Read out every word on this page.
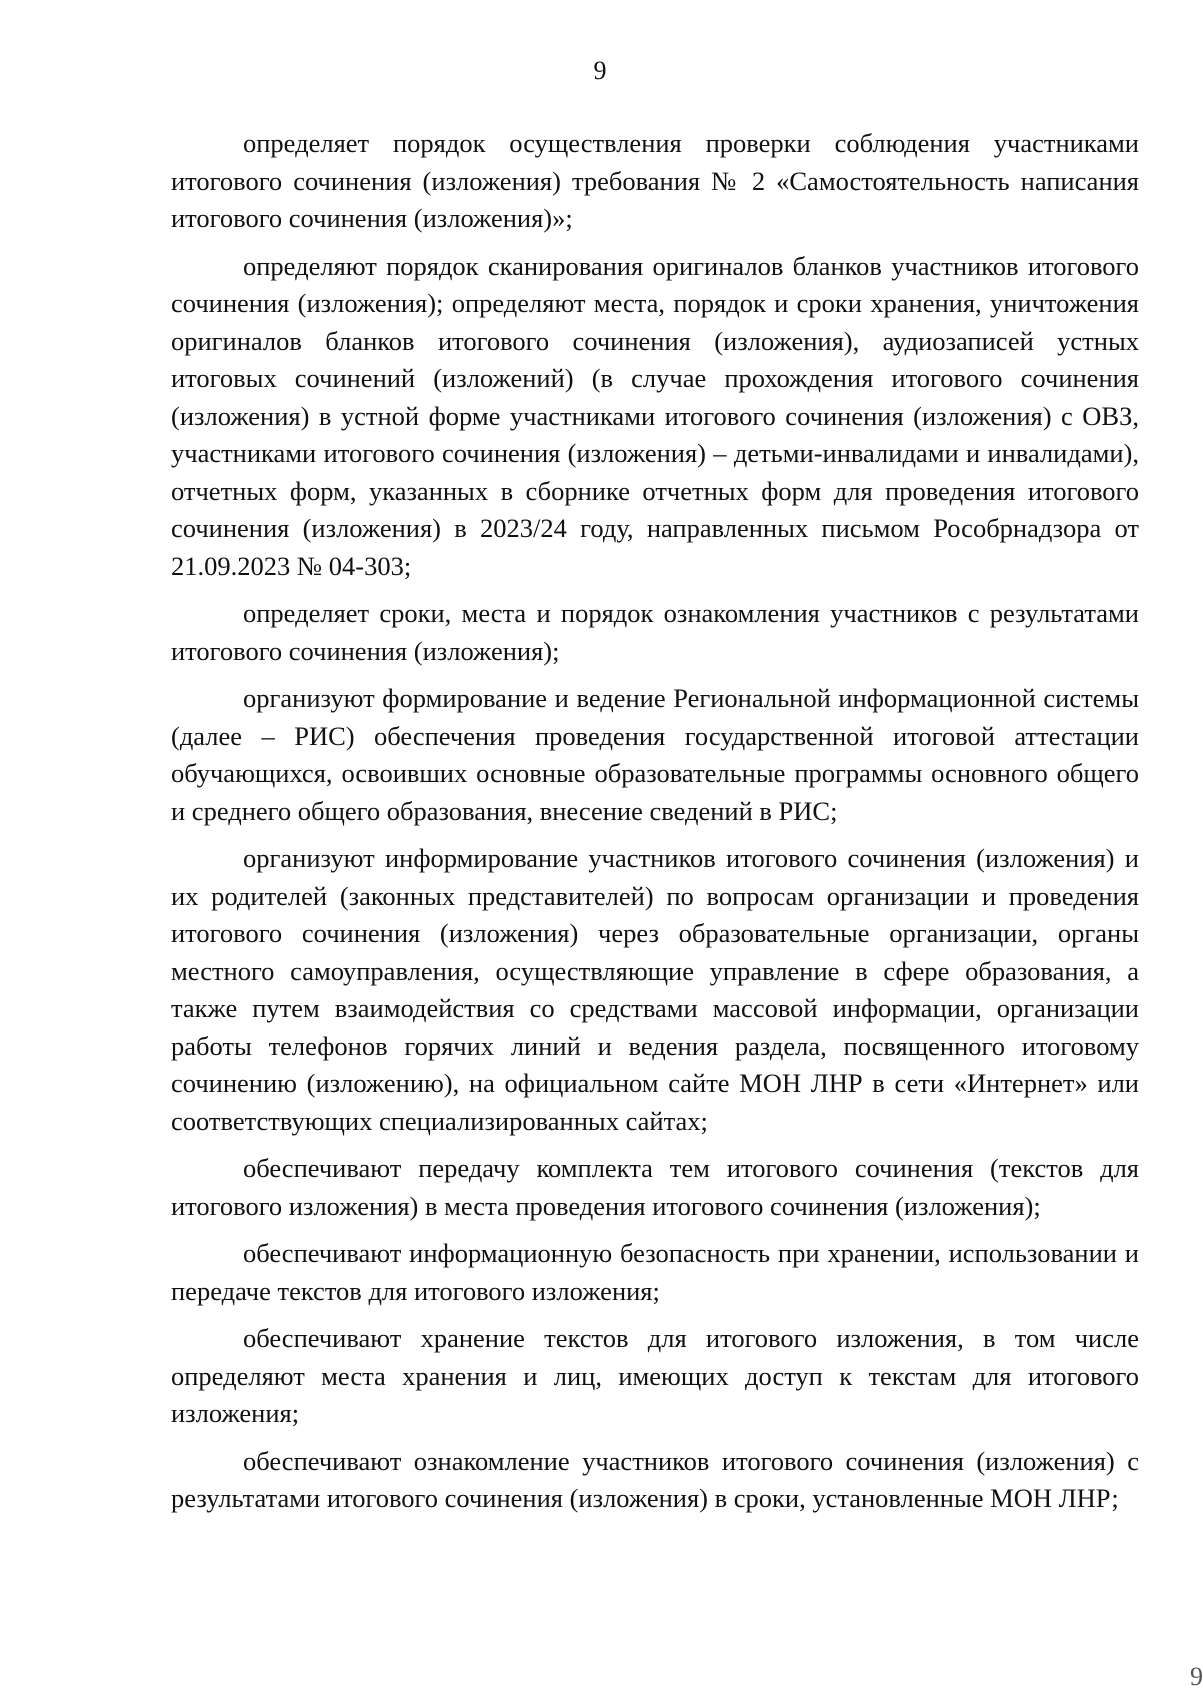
9

определяет порядок осуществления проверки соблюдения участниками итогового сочинения (изложения) требования № 2 «Самостоятельность написания итогового сочинения (изложения)»;

определяют порядок сканирования оригиналов бланков участников итогового сочинения (изложения); определяют места, порядок и сроки хранения, уничтожения оригиналов бланков итогового сочинения (изложения), аудиозаписей устных итоговых сочинений (изложений) (в случае прохождения итогового сочинения (изложения) в устной форме участниками итогового сочинения (изложения) с ОВЗ, участниками итогового сочинения (изложения) – детьми-инвалидами и инвалидами), отчетных форм, указанных в сборнике отчетных форм для проведения итогового сочинения (изложения) в 2023/24 году, направленных письмом Рособрнадзора от 21.09.2023 № 04-303;

определяет сроки, места и порядок ознакомления участников с результатами итогового сочинения (изложения);

организуют формирование и ведение Региональной информационной системы (далее – РИС) обеспечения проведения государственной итоговой аттестации обучающихся, освоивших основные образовательные программы основного общего и среднего общего образования, внесение сведений в РИС;

организуют информирование участников итогового сочинения (изложения) и их родителей (законных представителей) по вопросам организации и проведения итогового сочинения (изложения) через образовательные организации, органы местного самоуправления, осуществляющие управление в сфере образования, а также путем взаимодействия со средствами массовой информации, организации работы телефонов горячих линий и ведения раздела, посвященного итоговому сочинению (изложению), на официальном сайте МОН ЛНР в сети «Интернет» или соответствующих специализированных сайтах;

обеспечивают передачу комплекта тем итогового сочинения (текстов для итогового изложения) в места проведения итогового сочинения (изложения);

обеспечивают информационную безопасность при хранении, использовании и передаче текстов для итогового изложения;

обеспечивают хранение текстов для итогового изложения, в том числе определяют места хранения и лиц, имеющих доступ к текстам для итогового изложения;

обеспечивают ознакомление участников итогового сочинения (изложения) с результатами итогового сочинения (изложения) в сроки, установленные МОН ЛНР;

9
